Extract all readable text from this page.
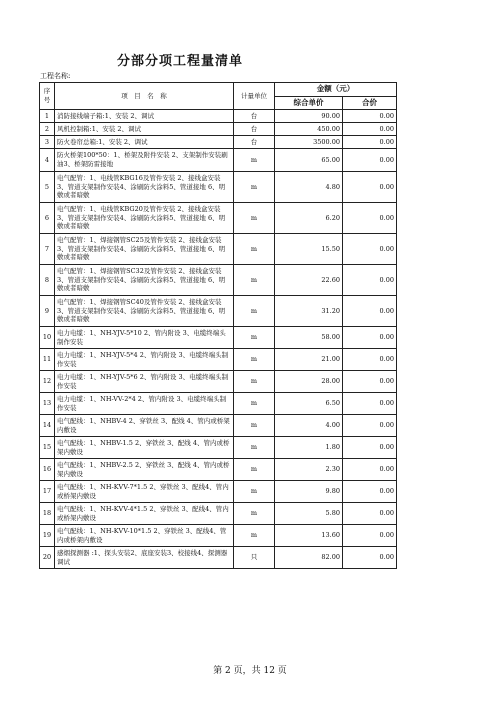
分部分项工程量清单
工程名称:
序号	项　目　名　称	计量单位	金额（元）	
			综合单价	合价
1	消防接线端子箱:1、安装 2、调试	台	90.00	0.00
2	风机控制箱:1、安装 2、调试	台	450.00	0.00
3	防火卷帘总箱:1、安装 2、调试	台	3500.00	0.00
4	防火桥架100*50：1、桥架及附件安装 2、支架制作安装刷油3、桥架防雷接地	m	65.00	0.00
5	电气配管：1、电线管KBG16及管件安装 2、接线盒安装3、管道支架制作安装4、涂刷防火涂料5、管道接地 6、明敷或者暗敷	m	4.80	0.00
6	电气配管：1、电线管KBG20及管件安装 2、接线盒安装3、管道支架制作安装4、涂刷防火涂料5、管道接地 6、明敷或者暗敷	m	6.20	0.00
7	电气配管：1、焊接钢管SC25及管件安装 2、接线盒安装3、管道支架制作安装4、涂刷防火涂料5、管道接地 6、明敷或者暗敷	m	15.50	0.00
8	电气配管：1、焊接钢管SC32及管件安装 2、接线盒安装3、管道支架制作安装4、涂刷防火涂料5、管道接地 6、明敷或者暗敷	m	22.60	0.00
9	电气配管：1、焊接钢管SC40及管件安装 2、接线盒安装3、管道支架制作安装4、涂刷防火涂料5、管道接地 6、明敷或者暗敷	m	31.20	0.00
10	电力电缆：1、NH-YJV-5*10 2、管内附设 3、电缆终端头制作安装	m	58.00	0.00
11	电力电缆：1、NH-YJV-5*4 2、管内附设 3、电缆终端头制作安装	m	21.00	0.00
12	电力电缆：1、NH-YJV-5*6 2、管内附设 3、电缆终端头制作安装	m	28.00	0.00
13	电力电缆：1、NH-VV-2*4 2、管内附设 3、电缆终端头制作安装	m	6.50	0.00
14	电气配线：1、NHBV-4 2、穿铁丝 3、配线 4、管内或桥架内敷设	m	4.00	0.00
15	电气配线：1、NHBV-1.5 2、穿铁丝 3、配线 4、管内或桥架内敷设	m	1.80	0.00
16	电气配线：1、NHBV-2.5 2、穿铁丝 3、配线 4、管内或桥架内敷设	m	2.30	0.00
17	电气配线：1、NH-KVV-7*1.5 2、穿铁丝 3、配线4、管内或桥架内敷设	m	9.80	0.00
18	电气配线：1、NH-KVV-4*1.5 2、穿铁丝 3、配线4、管内或桥架内敷设	m	5.80	0.00
19	电气配线：1、NH-KVV-10*1.5 2、穿铁丝 3、配线4、管内或桥架内敷设	m	13.60	0.00
20	感烟探测器 :1、探头安装2、底座安装3、校接线4、探测器调试	只	82.00	0.00
第 2 页，共 12 页
